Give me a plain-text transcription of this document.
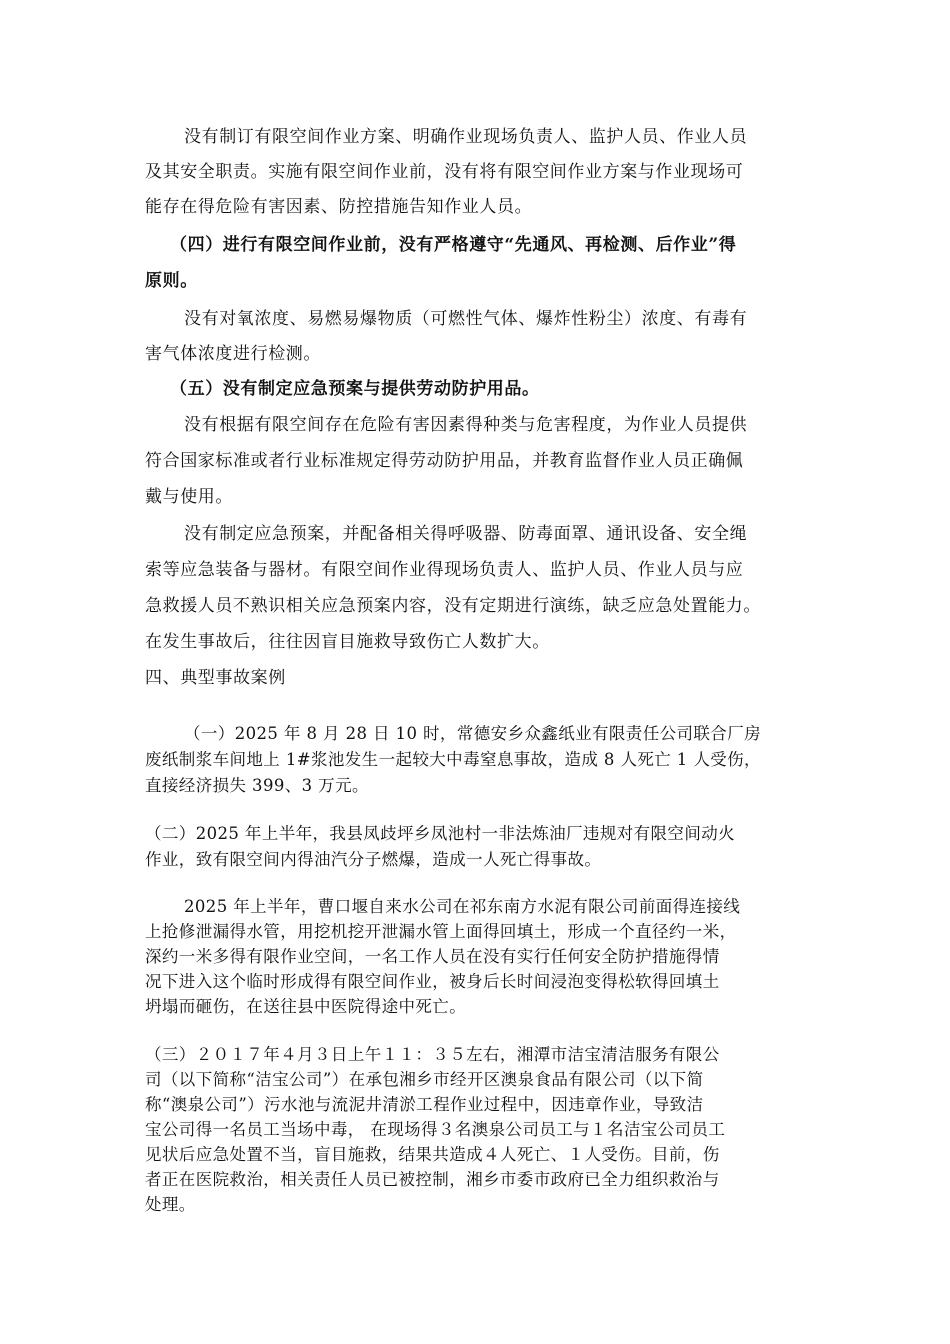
没有制订有限空间作业方案、明确作业现场负责人、监护人员、作业人员
及其安全职责。实施有限空间作业前，没有将有限空间作业方案与作业现场可
能存在得危险有害因素、防控措施告知作业人员。
（四）进行有限空间作业前，没有严格遵守“先通风、再检测、后作业”得
原则。
没有对氧浓度、易燃易爆物质（可燃性气体、爆炸性粉尘）浓度、有毒有
害气体浓度进行检测。
（五）没有制定应急预案与提供劳动防护用品。
没有根据有限空间存在危险有害因素得种类与危害程度，为作业人员提供
符合国家标准或者行业标准规定得劳动防护用品，并教育监督作业人员正确佩
戴与使用。
没有制定应急预案，并配备相关得呼吸器、防毒面罩、通讯设备、安全绳
索等应急装备与器材。有限空间作业得现场负责人、监护人员、作业人员与应
急救援人员不熟识相关应急预案内容，没有定期进行演练，缺乏应急处置能力。
在发生事故后，往往因盲目施救导致伤亡人数扩大。
四、典型事故案例
（一）2025 年 8 月 28 日 10 时，常德安乡众鑫纸业有限责任公司联合厂房
废纸制浆车间地上 1#浆池发生一起较大中毒窒息事故，造成 8 人死亡 1 人受伤，
直接经济损失 399、3 万元。
（二）2025 年上半年，我县凤歧坪乡凤池村一非法炼油厂违规对有限空间动火
作业，致有限空间内得油汽分子燃爆，造成一人死亡得事故。
2025 年上半年，曹口堰自来水公司在祁东南方水泥有限公司前面得连接线
上抢修泄漏得水管，用挖机挖开泄漏水管上面得回填土，形成一个直径约一米，
深约一米多得有限作业空间，一名工作人员在没有实行任何安全防护措施得情
况下进入这个临时形成得有限空间作业，被身后长时间浸泡变得松软得回填土
坍塌而砸伤，在送往县中医院得途中死亡。
（三）２０１７年４月３日上午１１：３５左右，湘潭市洁宝清洁服务有限公
司（以下简称“洁宝公司”）在承包湘乡市经开区澳泉食品有限公司（以下简
称“澳泉公司”）污水池与流泥井清淤工程作业过程中，因违章作业，导致洁
宝公司得一名员工当场中毒， 在现场得３名澳泉公司员工与１名洁宝公司员工
见状后应急处置不当，盲目施救，结果共造成４人死亡、１人受伤。目前，伤
者正在医院救治，相关责任人员已被控制，湘乡市委市政府已全力组织救治与
处理。
